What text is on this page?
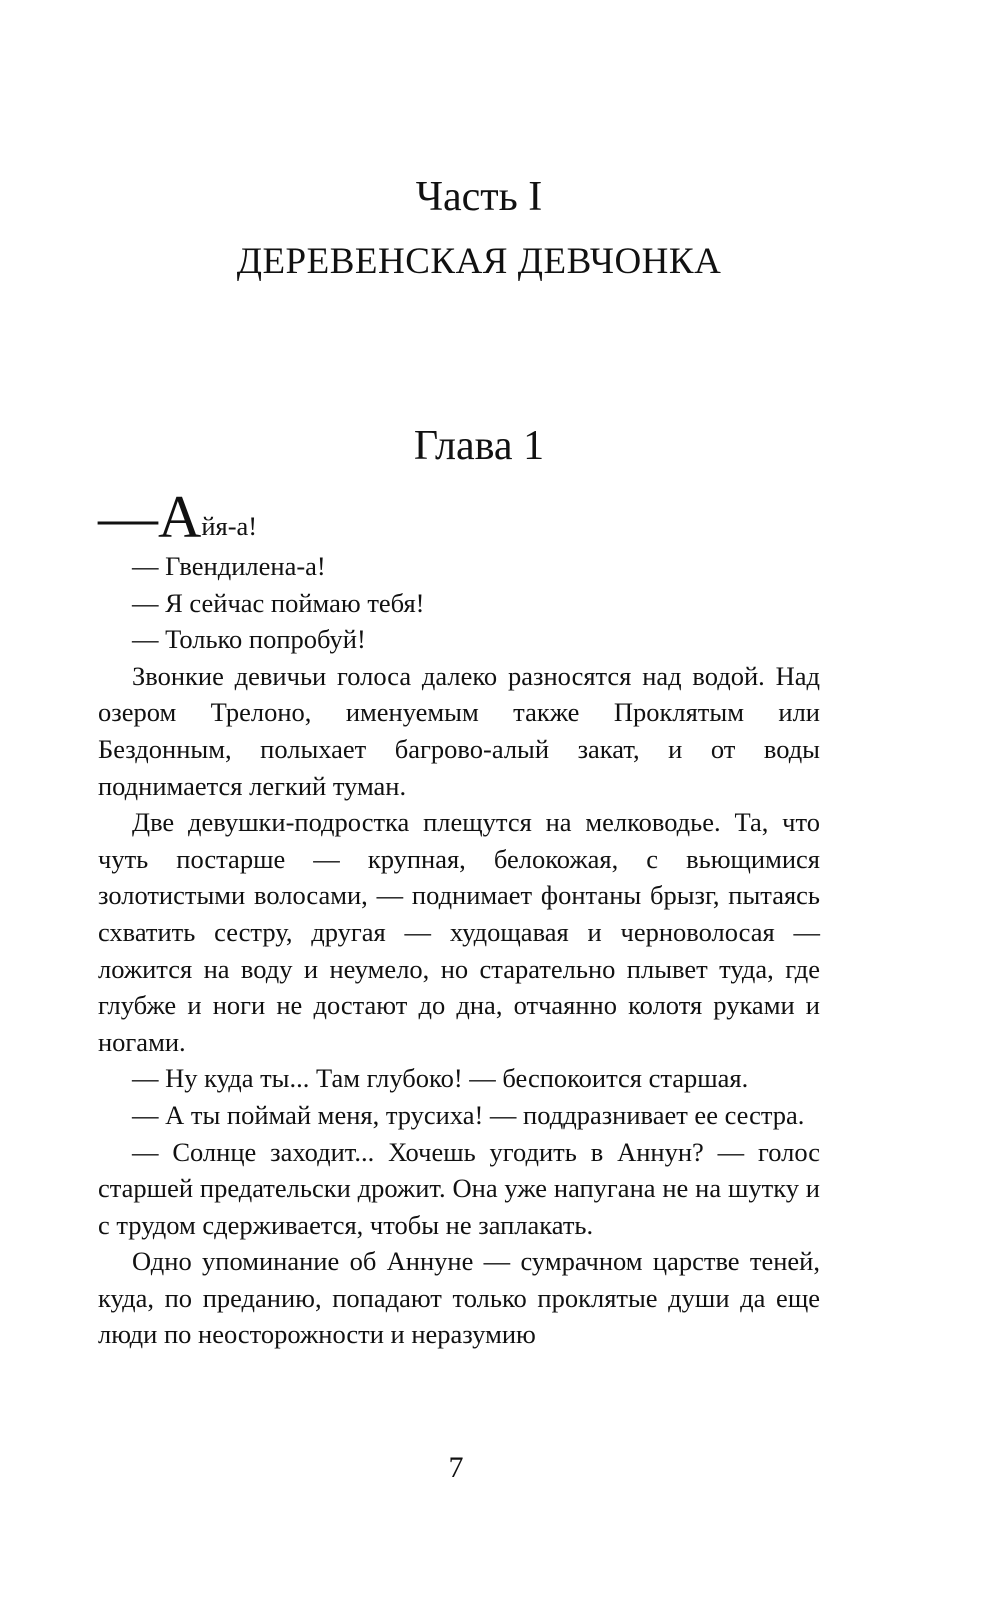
Часть I
ДЕРЕВЕНСКАЯ ДЕВЧОНКА
Глава 1
— А йя-а!

— Гвендилена-а!

— Я сейчас поймаю тебя!

— Только попробуй!

Звонкие девичьи голоса далеко разносятся над водой. Над озером Трелоно, именуемым также Проклятым или Бездонным, полыхает багрово-алый закат, и от воды поднимается легкий туман.

Две девушки-подростка плещутся на мелководье. Та, что чуть постарше — крупная, белокожая, с вьющимися золотистыми волосами, — поднимает фонтаны брызг, пытаясь схватить сестру, другая — худощавая и черноволосая — ложится на воду и неумело, но старательно плывет туда, где глубже и ноги не достают до дна, отчаянно колотя руками и ногами.

— Ну куда ты... Там глубоко! — беспокоится старшая.

— А ты поймай меня, трусиха! — поддразнивает ее сестра.

— Солнце заходит... Хочешь угодить в Аннун? — голос старшей предательски дрожит. Она уже напугана не на шутку и с трудом сдерживается, чтобы не заплакать.

Одно упоминание об Аннуне — сумрачном царстве теней, куда, по преданию, попадают только проклятые души да еще люди по неосторожности и неразумию

7
